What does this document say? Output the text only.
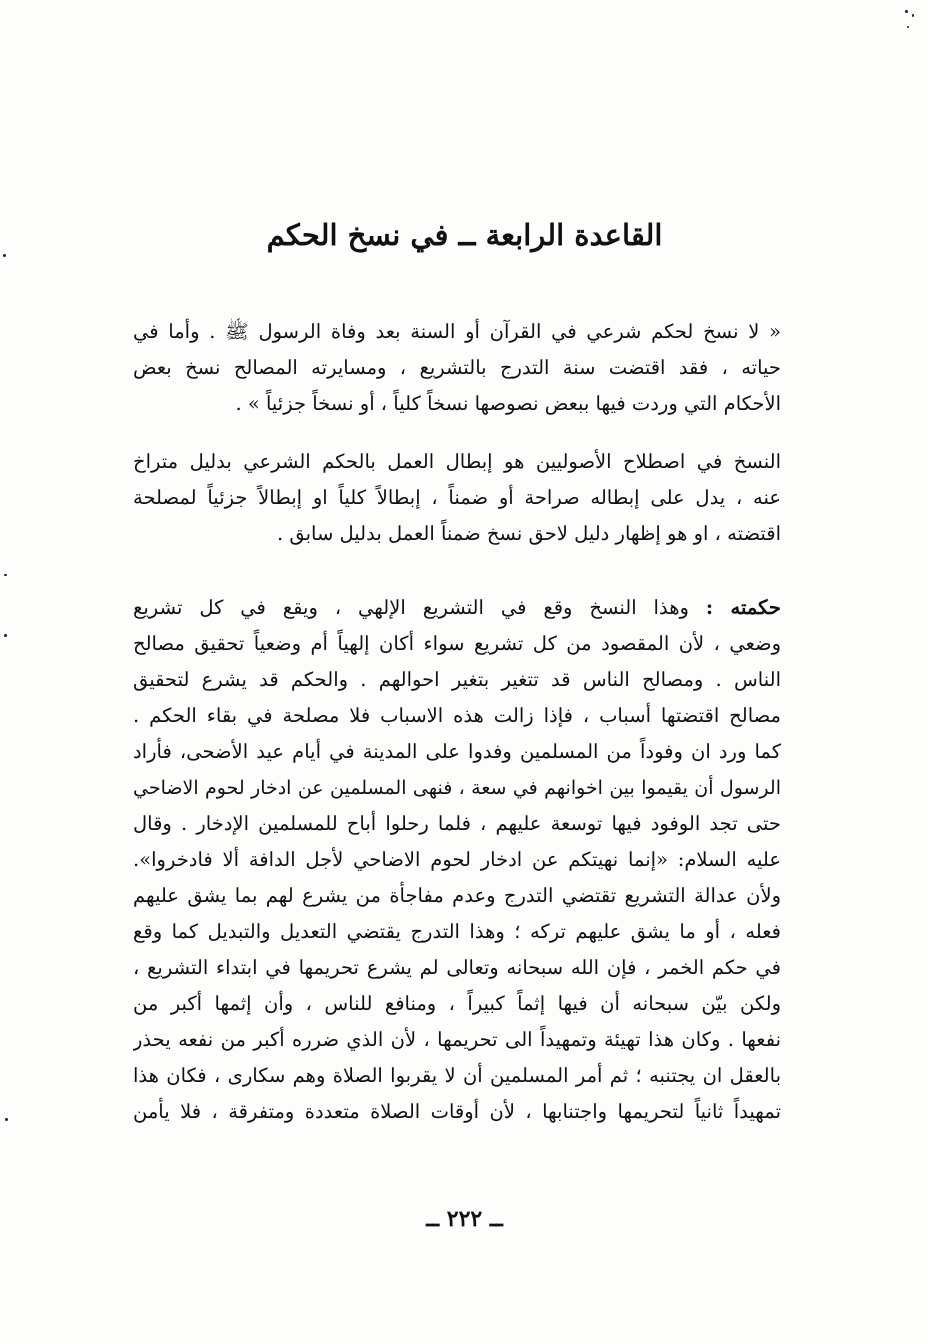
القاعدة الرابعة ــ في نسخ الحكم
« لا نسخ لحكم شرعي في القرآن أو السنة بعد وفاة الرسول ﷺ . وأما في
حياته ، فقد اقتضت سنة التدرج بالتشريع ، ومسايرته المصالح نسخ بعض
الأحكام التي وردت فيها ببعض نصوصها نسخاً كلياً ، أو نسخاً جزئياً » .
النسخ في اصطلاح الأصوليين هو إبطال العمل بالحكم الشرعي بدليل متراخ
عنه ، يدل على إبطاله صراحة أو ضمناً ، إبطالاً كلياً او إبطالاً جزئياً لمصلحة
اقتضته ، او هو إظهار دليل لاحق نسخ ضمناً العمل بدليل سابق .
حكمته : وهذا النسخ وقع في التشريع الإلهي ، ويقع في كل تشريع
وضعي ، لأن المقصود من كل تشريع سواء أكان إلهياً أم وضعياً تحقيق مصالح
الناس . ومصالح الناس قد تتغير بتغير احوالهم . والحكم قد يشرع لتحقيق
مصالح اقتضتها أسباب ، فإذا زالت هذه الاسباب فلا مصلحة في بقاء الحكم .
كما ورد ان وفوداً من المسلمين وفدوا على المدينة في أيام عيد الأضحى، فأراد
الرسول أن يقيموا بين اخوانهم في سعة ، فنهى المسلمين عن ادخار لحوم الاضاحي
حتى تجد الوفود فيها توسعة عليهم ، فلما رحلوا أباح للمسلمين الإدخار . وقال
عليه السلام: «إنما نهيتكم عن ادخار لحوم الاضاحي لأجل الدافة ألا فادخروا».
ولأن عدالة التشريع تقتضي التدرج وعدم مفاجأة من يشرع لهم بما يشق عليهم
فعله ، أو ما يشق عليهم تركه ؛ وهذا التدرج يقتضي التعديل والتبديل كما وقع
في حكم الخمر ، فإن الله سبحانه وتعالى لم يشرع تحريمها في ابتداء التشريع ،
ولكن بيّن سبحانه أن فيها إثماً كبيراً ، ومنافع للناس ، وأن إثمها أكبر من
نفعها . وكان هذا تهيئة وتمهيداً الى تحريمها ، لأن الذي ضرره أكبر من نفعه يحذر
بالعقل ان يجتنبه ؛ ثم أمر المسلمين أن لا يقربوا الصلاة وهم سكارى ، فكان هذا
تمهيداً ثانياً لتحريمها واجتنابها ، لأن أوقات الصلاة متعددة ومتفرقة ، فلا يأمن
ــ ٢٢٢ ــ
